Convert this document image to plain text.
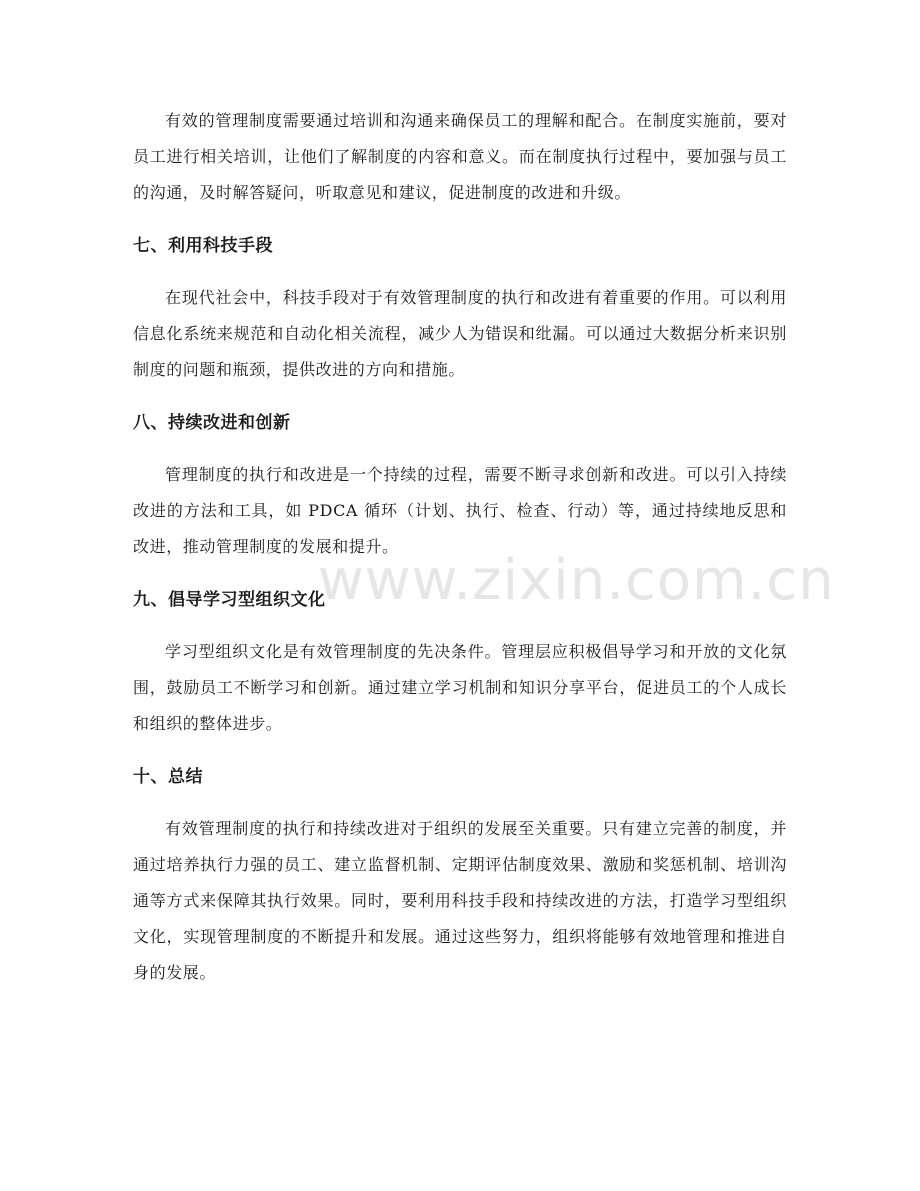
www.zixin.com.cn

有效的管理制度需要通过培训和沟通来确保员工的理解和配合。在制度实施前，要对员工进行相关培训，让他们了解制度的内容和意义。而在制度执行过程中，要加强与员工的沟通，及时解答疑问，听取意见和建议，促进制度的改进和升级。

七、利用科技手段

在现代社会中，科技手段对于有效管理制度的执行和改进有着重要的作用。可以利用信息化系统来规范和自动化相关流程，减少人为错误和纰漏。可以通过大数据分析来识别制度的问题和瓶颈，提供改进的方向和措施。

八、持续改进和创新

管理制度的执行和改进是一个持续的过程，需要不断寻求创新和改进。可以引入持续改进的方法和工具，如 PDCA 循环（计划、执行、检查、行动）等，通过持续地反思和改进，推动管理制度的发展和提升。

九、倡导学习型组织文化

学习型组织文化是有效管理制度的先决条件。管理层应积极倡导学习和开放的文化氛围，鼓励员工不断学习和创新。通过建立学习机制和知识分享平台，促进员工的个人成长和组织的整体进步。

十、总结

有效管理制度的执行和持续改进对于组织的发展至关重要。只有建立完善的制度，并通过培养执行力强的员工、建立监督机制、定期评估制度效果、激励和奖惩机制、培训沟通等方式来保障其执行效果。同时，要利用科技手段和持续改进的方法，打造学习型组织文化，实现管理制度的不断提升和发展。通过这些努力，组织将能够有效地管理和推进自身的发展。
